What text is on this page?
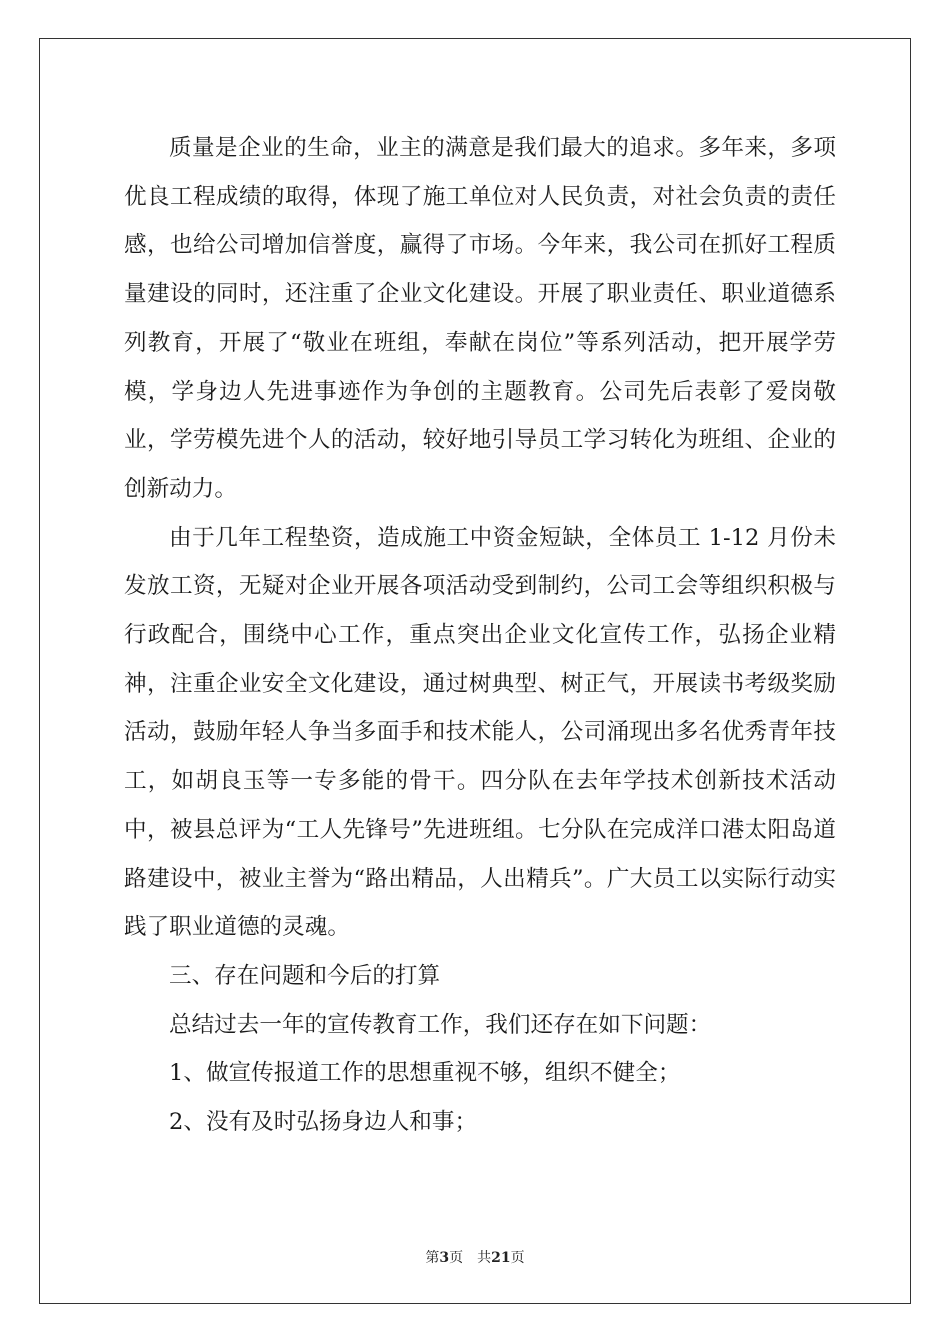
质量是企业的生命，业主的满意是我们最大的追求。多年来，多项优良工程成绩的取得，体现了施工单位对人民负责，对社会负责的责任感，也给公司增加信誉度，赢得了市场。今年来，我公司在抓好工程质量建设的同时，还注重了企业文化建设。开展了职业责任、职业道德系列教育，开展了“敬业在班组，奉献在岗位”等系列活动，把开展学劳模，学身边人先进事迹作为争创的主题教育。公司先后表彰了爱岗敬业，学劳模先进个人的活动，较好地引导员工学习转化为班组、企业的创新动力。

由于几年工程垫资，造成施工中资金短缺，全体员工 1-12 月份未发放工资，无疑对企业开展各项活动受到制约，公司工会等组织积极与行政配合，围绕中心工作，重点突出企业文化宣传工作，弘扬企业精神，注重企业安全文化建设，通过树典型、树正气，开展读书考级奖励活动，鼓励年轻人争当多面手和技术能人，公司涌现出多名优秀青年技工，如胡良玉等一专多能的骨干。四分队在去年学技术创新技术活动中，被县总评为“工人先锋号”先进班组。七分队在完成洋口港太阳岛道路建设中，被业主誉为“路出精品，人出精兵”。广大员工以实际行动实践了职业道德的灵魂。

三、存在问题和今后的打算

总结过去一年的宣传教育工作，我们还存在如下问题：

1、做宣传报道工作的思想重视不够，组织不健全；

2、没有及时弘扬身边人和事；

第3页 共21页
